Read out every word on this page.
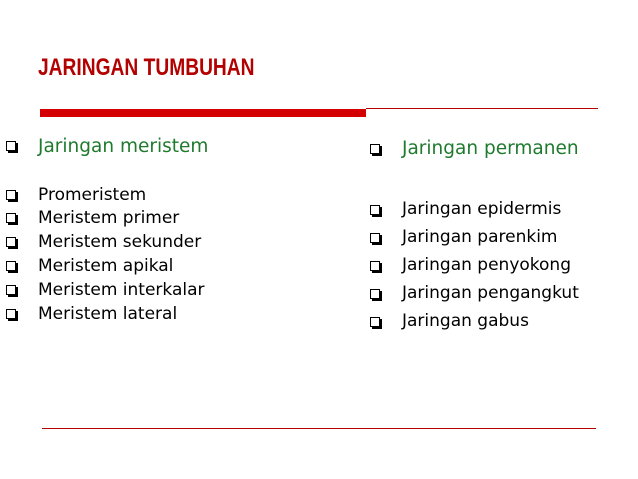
JARINGAN TUMBUHAN
Jaringan meristem
Promeristem
Meristem primer
Meristem sekunder
Meristem apikal
Meristem interkalar
Meristem lateral
Jaringan permanen
Jaringan epidermis
Jaringan parenkim
Jaringan penyokong
Jaringan pengangkut
Jaringan gabus
